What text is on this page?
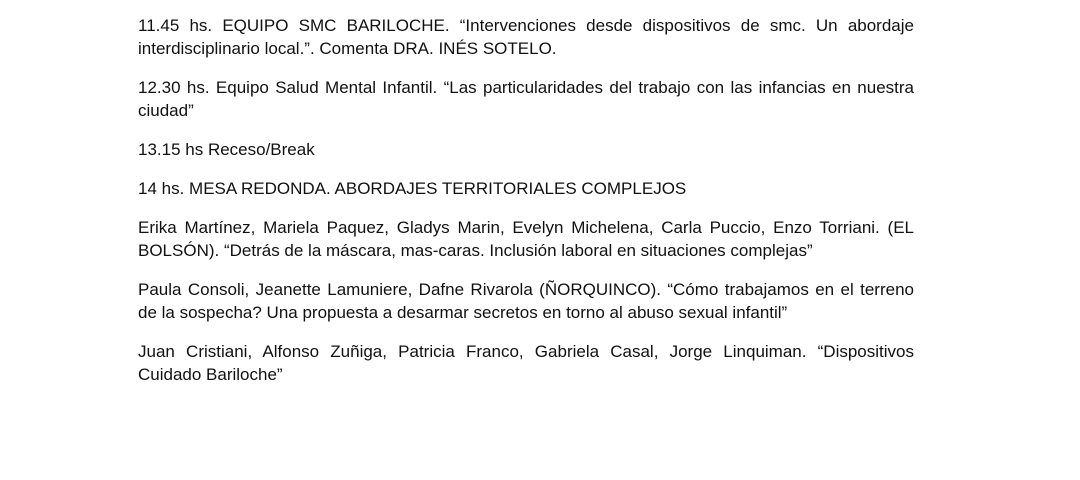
11.45 hs. EQUIPO SMC BARILOCHE. “Intervenciones desde dispositivos de smc. Un abordaje interdisciplinario local.”. Comenta DRA. INÉS SOTELO.

12.30 hs. Equipo Salud Mental Infantil. “Las particularidades del trabajo con las infancias en nuestra ciudad”

13.15 hs Receso/Break

14 hs. MESA REDONDA. ABORDAJES TERRITORIALES COMPLEJOS

Erika Martínez, Mariela Paquez, Gladys Marin, Evelyn Michelena, Carla Puccio, Enzo Torriani. (EL BOLSÓN). “Detrás de la máscara, mas-caras. Inclusión laboral en situaciones complejas”

Paula Consoli, Jeanette Lamuniere, Dafne Rivarola (ÑORQUINCO). “Cómo trabajamos en el terreno de la sospecha? Una propuesta a desarmar secretos en torno al abuso sexual infantil”

Juan Cristiani, Alfonso Zuñiga, Patricia Franco, Gabriela Casal, Jorge Linquiman. “Dispositivos Cuidado Bariloche”
